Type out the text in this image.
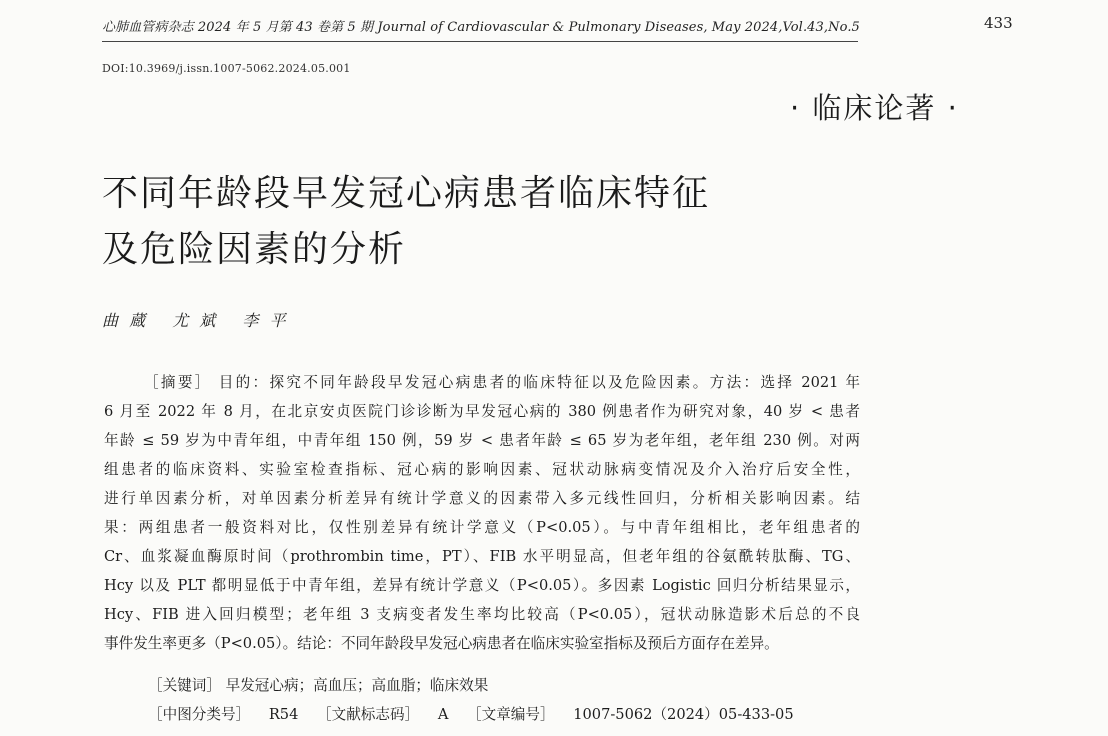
心肺血管病杂志 2024 年 5 月第 43 卷第 5 期 Journal of Cardiovascular & Pulmonary Diseases, May 2024,Vol.43,No.5	433
DOI:10.3969/j.issn.1007-5062.2024.05.001
· 临床论著 ·
不同年龄段早发冠心病患者临床特征
及危险因素的分析
曲 蔵 尤 斌 李 平
［摘要］ 目的：探究不同年龄段早发冠心病患者的临床特征以及危险因素。方法：选择 2021 年
6 月至 2022 年 8 月，在北京安贞医院门诊诊断为早发冠心病的 380 例患者作为研究对象，40 岁 < 患者
年龄 ≤ 59 岁为中青年组，中青年组 150 例，59 岁 < 患者年龄 ≤ 65 岁为老年组，老年组 230 例。对两
组患者的临床资料、实验室检查指标、冠心病的影响因素、冠状动脉病变情况及介入治疗后安全性，
进行单因素分析，对单因素分析差异有统计学意义的因素带入多元线性回归，分析相关影响因素。结
果：两组患者一般资料对比，仅性别差异有统计学意义（P<0.05）。与中青年组相比，老年组患者的
Cr、血浆凝血酶原时间（prothrombin time，PT）、FIB 水平明显高，但老年组的谷氨酰转肽酶、TG、
Hcy 以及 PLT 都明显低于中青年组，差异有统计学意义（P<0.05）。多因素 Logistic 回归分析结果显示，
Hcy、FIB 进入回归模型；老年组 3 支病变者发生率均比较高（P<0.05），冠状动脉造影术后总的不良
事件发生率更多（P<0.05）。结论：不同年龄段早发冠心病患者在临床实验室指标及预后方面存在差异。
［关键词］ 早发冠心病；高血压；高血脂；临床效果
［中图分类号］ R54 ［文献标志码］ A ［文章编号］ 1007-5062（2024）05-433-05
